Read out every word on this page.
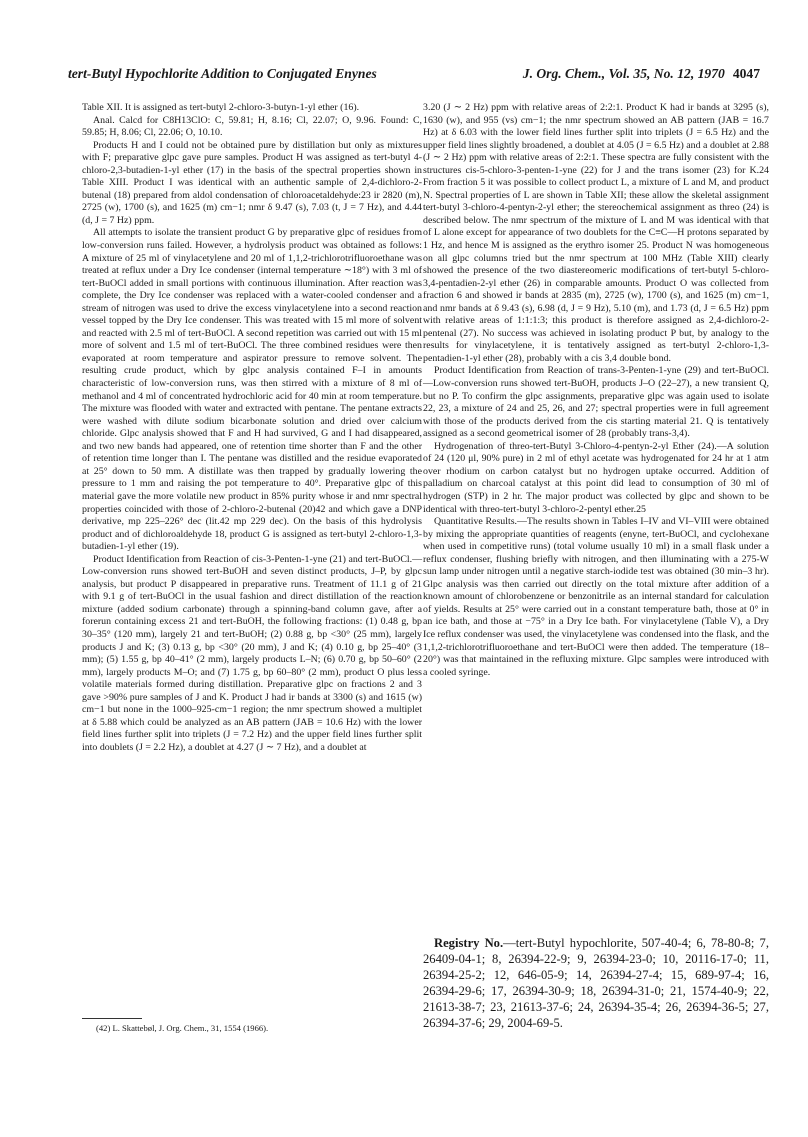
tert-Butyl Hypochlorite Addition to Conjugated Enynes	J. Org. Chem., Vol. 35, No. 12, 1970 4047

Table XII. It is assigned as tert-butyl 2-chloro-3-butyn-1-yl ether (16).

Anal. Calcd for C8H13ClO: C, 59.81; H, 8.16; Cl, 22.07; O, 9.96. Found: C, 59.85; H, 8.06; Cl, 22.06; O, 10.10.

Products H and I could not be obtained pure by distillation but only as mixtures with F; preparative glpc gave pure samples. Product H was assigned as tert-butyl 4-chloro-2,3-butadien-1-yl ether (17) in the basis of the spectral properties shown in Table XIII. Product I was identical with an authentic sample of 2,4-dichloro-2-butenal (18) prepared from aldol condensation of chloroacetaldehyde:23 ir 2820 (m), 2725 (w), 1700 (s), and 1625 (m) cm−1; nmr δ 9.47 (s), 7.03 (t, J = 7 Hz), and 4.44 (d, J = 7 Hz) ppm.

All attempts to isolate the transient product G by preparative glpc of residues from low-conversion runs failed. However, a hydrolysis product was obtained as follows: A mixture of 25 ml of vinylacetylene and 20 ml of 1,1,2-trichlorotrifluoroethane was treated at reflux under a Dry Ice condenser (internal temperature ∼18°) with 3 ml of tert-BuOCl added in small portions with continuous illumination. After reaction was complete, the Dry Ice condenser was replaced with a water-cooled condenser and a stream of nitrogen was used to drive the excess vinylacetylene into a second reaction vessel topped by the Dry Ice condenser. This was treated with 15 ml more of solvent and reacted with 2.5 ml of tert-BuOCl. A second repetition was carried out with 15 ml more of solvent and 1.5 ml of tert-BuOCl. The three combined residues were then evaporated at room temperature and aspirator pressure to remove solvent. The resulting crude product, which by glpc analysis contained F–I in amounts characteristic of low-conversion runs, was then stirred with a mixture of 8 ml of methanol and 4 ml of concentrated hydrochloric acid for 40 min at room temperature. The mixture was flooded with water and extracted with pentane. The pentane extracts were washed with dilute sodium bicarbonate solution and dried over calcium chloride. Glpc analysis showed that F and H had survived, G and I had disappeared, and two new bands had appeared, one of retention time shorter than F and the other of retention time longer than I. The pentane was distilled and the residue evaporated at 25° down to 50 mm. A distillate was then trapped by gradually lowering the pressure to 1 mm and raising the pot temperature to 40°. Preparative glpc of this material gave the more volatile new product in 85% purity whose ir and nmr spectral properties coincided with those of 2-chloro-2-butenal (20)42 and which gave a DNP derivative, mp 225–226° dec (lit.42 mp 229 dec). On the basis of this hydrolysis product and of dichloroaldehyde 18, product G is assigned as tert-butyl 2-chloro-1,3-butadien-1-yl ether (19).

Product Identification from Reaction of cis-3-Penten-1-yne (21) and tert-BuOCl.—Low-conversion runs showed tert-BuOH and seven distinct products, J–P, by glpc analysis, but product P disappeared in preparative runs. Treatment of 11.1 g of 21 with 9.1 g of tert-BuOCl in the usual fashion and direct distillation of the reaction mixture (added sodium carbonate) through a spinning-band column gave, after a forerun containing excess 21 and tert-BuOH, the following fractions: (1) 0.48 g, bp 30–35° (120 mm), largely 21 and tert-BuOH; (2) 0.88 g, bp <30° (25 mm), largely products J and K; (3) 0.13 g, bp <30° (20 mm), J and K; (4) 0.10 g, bp 25–40° (3 mm); (5) 1.55 g, bp 40–41° (2 mm), largely products L–N; (6) 0.70 g, bp 50–60° (2 mm), largely products M–O; and (7) 1.75 g, bp 60–80° (2 mm), product O plus less volatile materials formed during distillation. Preparative glpc on fractions 2 and 3 gave >90% pure samples of J and K. Product J had ir bands at 3300 (s) and 1615 (w) cm−1 but none in the 1000–925-cm−1 region; the nmr spectrum showed a multiplet at δ 5.88 which could be analyzed as an AB pattern (JAB = 10.6 Hz) with the lower field lines further split into triplets (J = 7.2 Hz) and the upper field lines further split into doublets (J = 2.2 Hz), a doublet at 4.27 (J ∼ 7 Hz), and a doublet at

(42) L. Skattebøl, J. Org. Chem., 31, 1554 (1966).

3.20 (J ∼ 2 Hz) ppm with relative areas of 2:2:1. Product K had ir bands at 3295 (s), 1630 (w), and 955 (vs) cm−1; the nmr spectrum showed an AB pattern (JAB = 16.7 Hz) at δ 6.03 with the lower field lines further split into triplets (J = 6.5 Hz) and the upper field lines slightly broadened, a doublet at 4.05 (J = 6.5 Hz) and a doublet at 2.88 (J ∼ 2 Hz) ppm with relative areas of 2:2:1. These spectra are fully consistent with the structures cis-5-chloro-3-penten-1-yne (22) for J and the trans isomer (23) for K.24 From fraction 5 it was possible to collect product L, a mixture of L and M, and product N. Spectral properties of L are shown in Table XII; these allow the skeletal assignment tert-butyl 3-chloro-4-pentyn-2-yl ether; the stereochemical assignment as threo (24) is described below. The nmr spectrum of the mixture of L and M was identical with that of L alone except for appearance of two doublets for the C≡C—H protons separated by 1 Hz, and hence M is assigned as the erythro isomer 25. Product N was homogeneous on all glpc columns tried but the nmr spectrum at 100 MHz (Table XIII) clearly showed the presence of the two diastereomeric modifications of tert-butyl 5-chloro-3,4-pentadien-2-yl ether (26) in comparable amounts. Product O was collected from fraction 6 and showed ir bands at 2835 (m), 2725 (w), 1700 (s), and 1625 (m) cm−1, and nmr bands at δ 9.43 (s), 6.98 (d, J = 9 Hz), 5.10 (m), and 1.73 (d, J = 6.5 Hz) ppm with relative areas of 1:1:1:3; this product is therefore assigned as 2,4-dichloro-2-pentenal (27). No success was achieved in isolating product P but, by analogy to the results for vinylacetylene, it is tentatively assigned as tert-butyl 2-chloro-1,3-pentadien-1-yl ether (28), probably with a cis 3,4 double bond.

Product Identification from Reaction of trans-3-Penten-1-yne (29) and tert-BuOCl.—Low-conversion runs showed tert-BuOH, products J–O (22–27), a new transient Q, but no P. To confirm the glpc assignments, preparative glpc was again used to isolate 22, 23, a mixture of 24 and 25, 26, and 27; spectral properties were in full agreement with those of the products derived from the cis starting material 21. Q is tentatively assigned as a second geometrical isomer of 28 (probably trans-3,4).

Hydrogenation of threo-tert-Butyl 3-Chloro-4-pentyn-2-yl Ether (24).—A solution of 24 (120 μl, 90% pure) in 2 ml of ethyl acetate was hydrogenated for 24 hr at 1 atm over rhodium on carbon catalyst but no hydrogen uptake occurred. Addition of palladium on charcoal catalyst at this point did lead to consumption of 30 ml of hydrogen (STP) in 2 hr. The major product was collected by glpc and shown to be identical with threo-tert-butyl 3-chloro-2-pentyl ether.25

Quantitative Results.—The results shown in Tables I–IV and VI–VIII were obtained by mixing the appropriate quantities of reagents (enyne, tert-BuOCl, and cyclohexane when used in competitive runs) (total volume usually 10 ml) in a small flask under a reflux condenser, flushing briefly with nitrogen, and then illuminating with a 275-W sun lamp under nitrogen until a negative starch-iodide test was obtained (30 min–3 hr). Glpc analysis was then carried out directly on the total mixture after addition of a known amount of chlorobenzene or benzonitrile as an internal standard for calculation of yields. Results at 25° were carried out in a constant temperature bath, those at 0° in an ice bath, and those at −75° in a Dry Ice bath. For vinylacetylene (Table V), a Dry Ice reflux condenser was used, the vinylacetylene was condensed into the flask, and the 1,1,2-trichlorotrifluoroethane and tert-BuOCl were then added. The temperature (18–20°) was that maintained in the refluxing mixture. Glpc samples were introduced with a cooled syringe.

Registry No.—tert-Butyl hypochlorite, 507-40-4; 6, 78-80-8; 7, 26409-04-1; 8, 26394-22-9; 9, 26394-23-0; 10, 20116-17-0; 11, 26394-25-2; 12, 646-05-9; 14, 26394-27-4; 15, 689-97-4; 16, 26394-29-6; 17, 26394-30-9; 18, 26394-31-0; 21, 1574-40-9; 22, 21613-38-7; 23, 21613-37-6; 24, 26394-35-4; 26, 26394-36-5; 27, 26394-37-6; 29, 2004-69-5.
